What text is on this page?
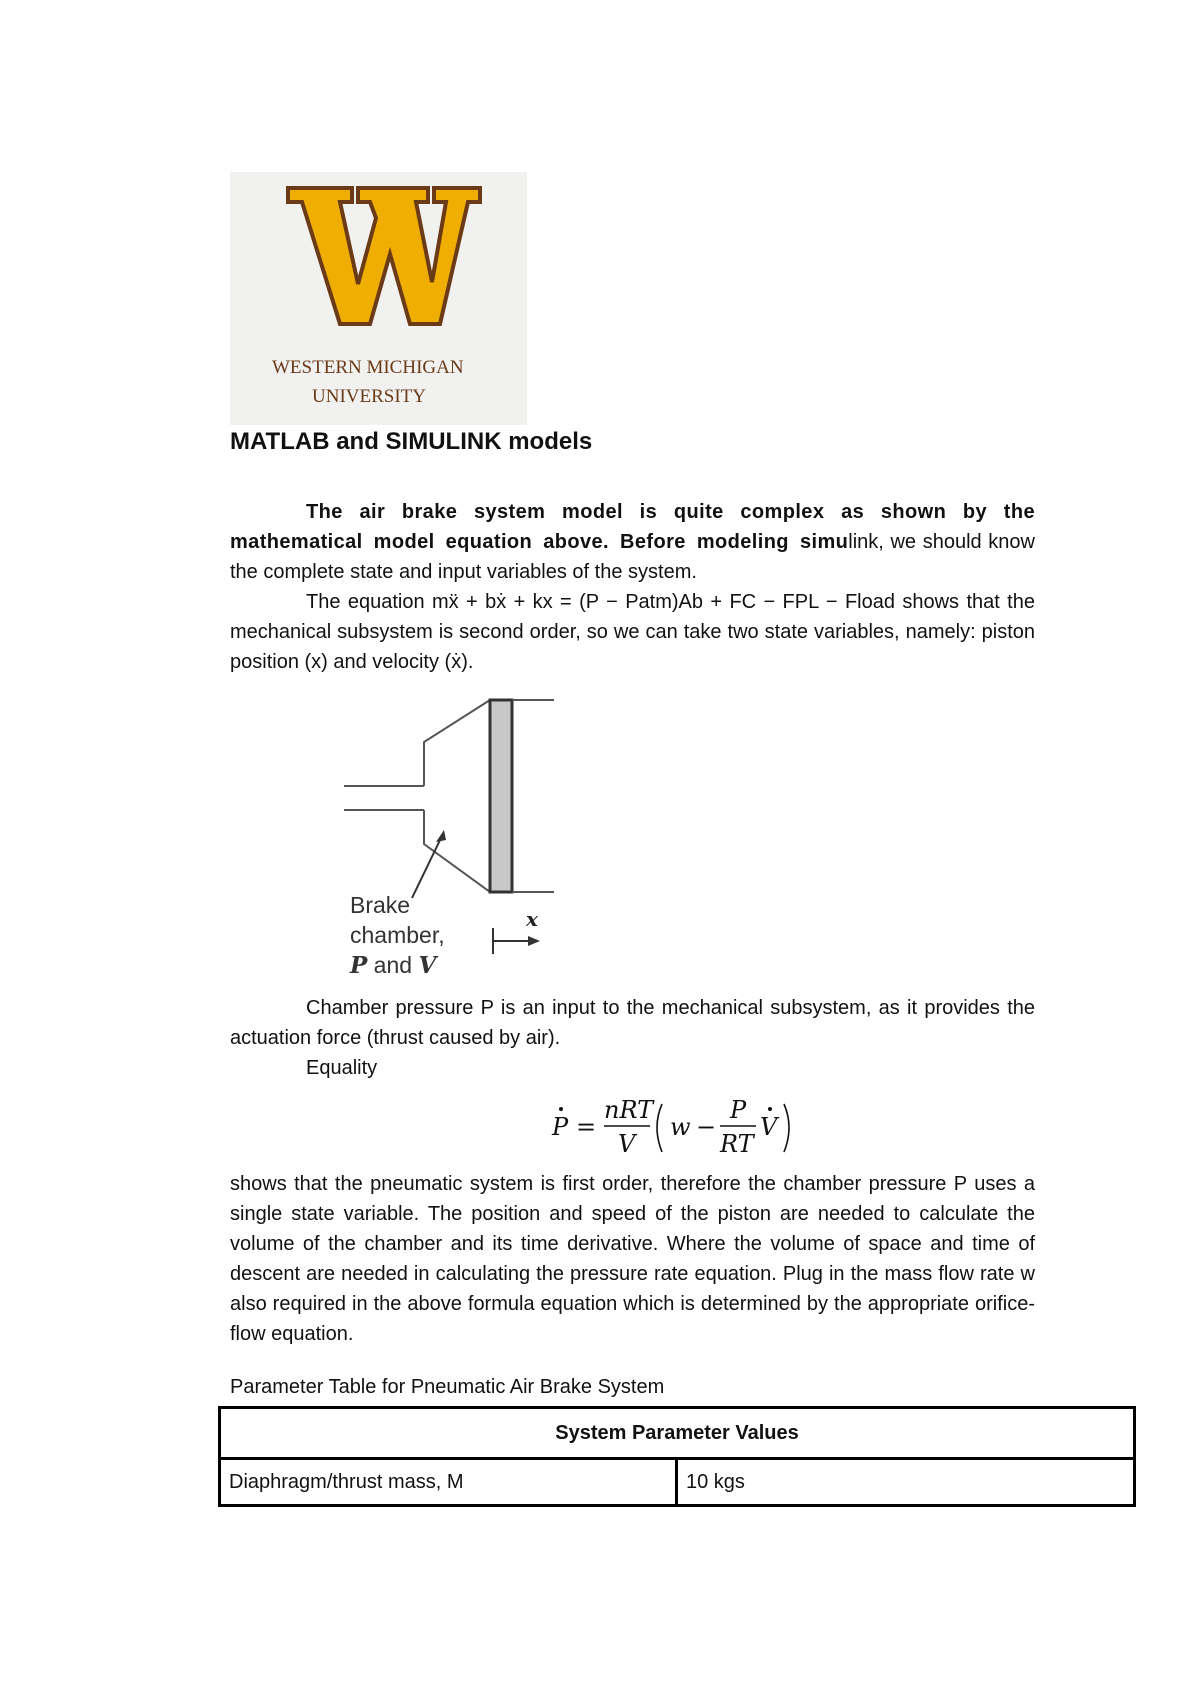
WESTERN MICHIGAN
UNIVERSITY
MATLAB and SIMULINK models

The air brake system model is quite complex as shown by the mathematical model equation above. Before modeling simulink, we should know the complete state and input variables of the system.

The equation mẍ + bẋ + kx = (P − Patm)Ab + FC − FPL − Fload shows that the mechanical subsystem is second order, so we can take two state variables, namely: piston position (x) and velocity (ẋ).

x
Brake
chamber,
P and V

Chamber pressure P is an input to the mechanical subsystem, as it provides the actuation force (thrust caused by air).

Equality

P =
nRT
V
w −
P
RT
V

shows that the pneumatic system is first order, therefore the chamber pressure P uses a single state variable. The position and speed of the piston are needed to calculate the volume of the chamber and its time derivative. Where the volume of space and time of descent are needed in calculating the pressure rate equation. Plug in the mass flow rate w also required in the above formula equation which is determined by the appropriate orifice-flow equation.

Parameter Table for Pneumatic Air Brake System

System Parameter Values
Diaphragm/thrust mass, M	10 kgs
